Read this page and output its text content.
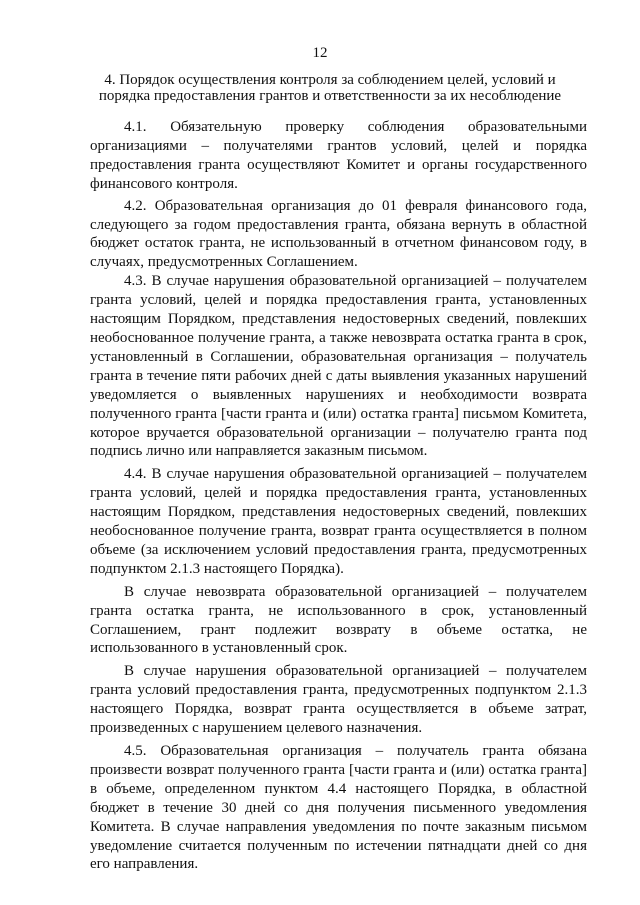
12
4. Порядок осуществления контроля за соблюдением целей, условий и порядка предоставления грантов и ответственности за их несоблюдение

4.1. Обязательную проверку соблюдения образовательными организациями – получателями грантов условий, целей и порядка предоставления гранта осуществляют Комитет и органы государственного финансового контроля.

4.2. Образовательная организация до 01 февраля финансового года, следующего за годом предоставления гранта, обязана вернуть в областной бюджет остаток гранта, не использованный в отчетном финансовом году, в случаях, предусмотренных Соглашением.

4.3. В случае нарушения образовательной организацией – получателем гранта условий, целей и порядка предоставления гранта, установленных настоящим Порядком, представления недостоверных сведений, повлекших необоснованное получение гранта, а также невозврата остатка гранта в срок, установленный в Соглашении, образовательная организация – получатель гранта в течение пяти рабочих дней с даты выявления указанных нарушений уведомляется о выявленных нарушениях и необходимости возврата полученного гранта [части гранта и (или) остатка гранта] письмом Комитета, которое вручается образовательной организации – получателю гранта под подпись лично или направляется заказным письмом.

4.4. В случае нарушения образовательной организацией – получателем гранта условий, целей и порядка предоставления гранта, установленных настоящим Порядком, представления недостоверных сведений, повлекших необоснованное получение гранта, возврат гранта осуществляется в полном объеме (за исключением условий предоставления гранта, предусмотренных подпунктом 2.1.3 настоящего Порядка).

В случае невозврата образовательной организацией – получателем гранта остатка гранта, не использованного в срок, установленный Соглашением, грант подлежит возврату в объеме остатка, не использованного в установленный срок.

В случае нарушения образовательной организацией – получателем гранта условий предоставления гранта, предусмотренных подпунктом 2.1.3 настоящего Порядка, возврат гранта осуществляется в объеме затрат, произведенных с нарушением целевого назначения.

4.5. Образовательная организация – получатель гранта обязана произвести возврат полученного гранта [части гранта и (или) остатка гранта] в объеме, определенном пунктом 4.4 настоящего Порядка, в областной бюджет в течение 30 дней со дня получения письменного уведомления Комитета. В случае направления уведомления по почте заказным письмом уведомление считается полученным по истечении пятнадцати дней со дня его направления.
